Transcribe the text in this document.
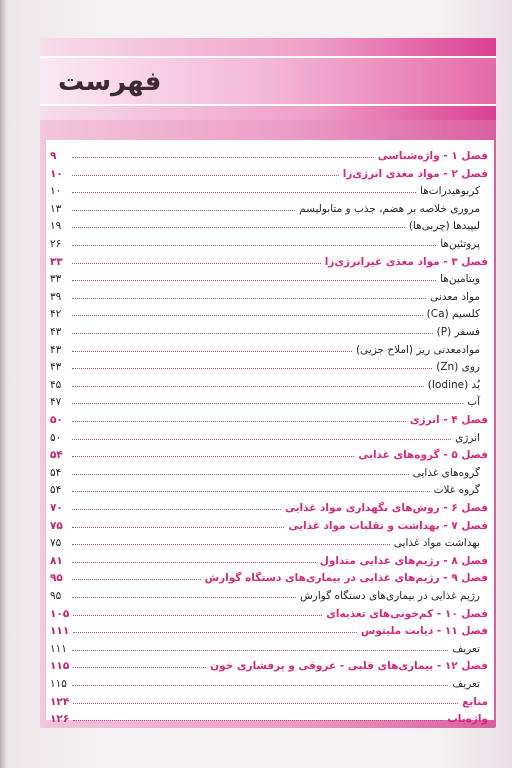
فهرست
فصل ۱ - واژه‌شناسی
۹
فصل ۲ - مواد مغذی انرژی‌زا
۱۰
کربوهیدرات‌ها
۱۰
مروری خلاصه بر هضم، جذب و متابولیسم
۱۳
لیپیدها (چربی‌ها)
۱۹
پروتئین‌ها
۲۶
فصل ۳ - مواد مغذی غیرانرژی‌زا
۳۳
ویتامین‌ها
۳۳
مواد معدنی
۳۹
کلسیم (Ca)
۴۲
فسفر (P)
۴۳
موادمعدنی ریز (املاح جزیی)
۴۳
روی (Zn)
۴۳
یُد (Iodine)
۴۵
آب
۴۷
فصل ۴ - انرژی
۵۰
انرژی
۵۰
فصل ۵ - گروه‌های غذایی
۵۴
گروه‌های غذایی
۵۴
گروه غلات
۵۴
فصل ۶ - روش‌های نگهداری مواد غذایی
۷۰
فصل ۷ - بهداشت و تقلبات مواد غذایی
۷۵
بهداشت مواد غذایی
۷۵
فصل ۸ - رژیم‌های غذایی متداول
۸۱
فصل ۹ - رژیم‌های غذایی در بیماری‌های دستگاه گوارش
۹۵
رژیم غذایی در بیماری‌های دستگاه گوارش
۹۵
فصل ۱۰ - کم‌خونی‌های تغذیه‌ای
۱۰۵
فصل ۱۱ - دیابت ملیتوس
۱۱۱
تعریف
۱۱۱
فصل ۱۲ - بیماری‌های قلبی - عروقی و پرفشاری خون
۱۱۵
تعریف
۱۱۵
منابع
۱۲۴
واژه‌یاب
۱۲۶
